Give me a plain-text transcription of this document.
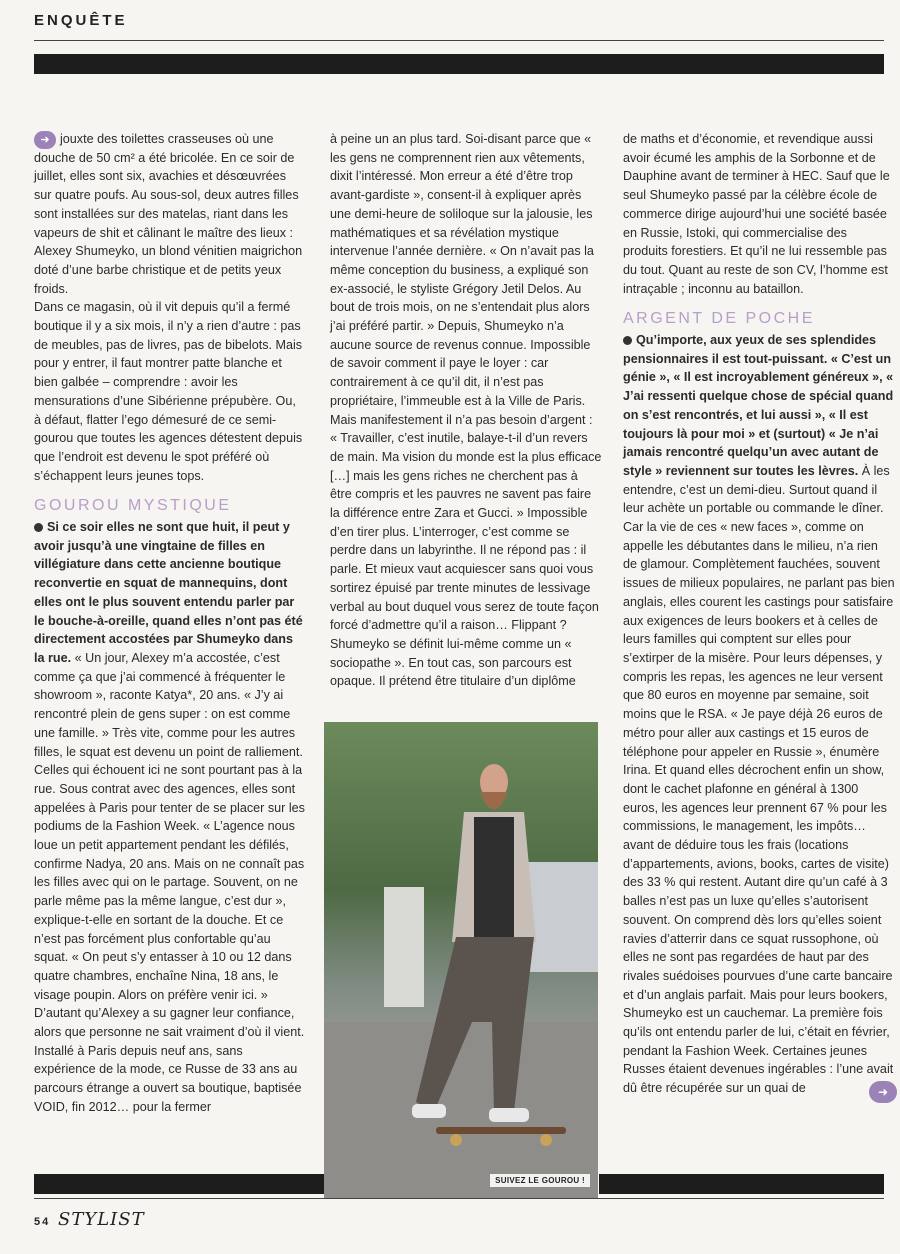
ENQUÊTE

➜ jouxte des toilettes crasseuses où une douche de 50 cm² a été bricolée. En ce soir de juillet, elles sont six, avachies et désœuvrées sur quatre poufs. Au sous-sol, deux autres filles sont installées sur des matelas, riant dans les vapeurs de shit et câlinant le maître des lieux : Alexey Shumeyko, un blond vénitien maigrichon doté d’une barbe christique et de petits yeux froids.

Dans ce magasin, où il vit depuis qu’il a fermé boutique il y a six mois, il n’y a rien d’autre : pas de meubles, pas de livres, pas de bibelots. Mais pour y entrer, il faut montrer patte blanche et bien galbée – comprendre : avoir les mensurations d’une Sibérienne prépubère. Ou, à défaut, flatter l’ego démesuré de ce semi-gourou que toutes les agences détestent depuis que l’endroit est devenu le spot préféré où s’échappent leurs jeunes tops.

GOUROU MYSTIQUE

Si ce soir elles ne sont que huit, il peut y avoir jusqu’à une vingtaine de filles en villégiature dans cette ancienne boutique reconvertie en squat de mannequins, dont elles ont le plus souvent entendu parler par le bouche-à-oreille, quand elles n’ont pas été directement accostées par Shumeyko dans la rue. « Un jour, Alexey m’a accostée, c’est comme ça que j’ai commencé à fréquenter le showroom », raconte Katya*, 20 ans. « J’y ai rencontré plein de gens super : on est comme une famille. » Très vite, comme pour les autres filles, le squat est devenu un point de ralliement. Celles qui échouent ici ne sont pourtant pas à la rue. Sous contrat avec des agences, elles sont appelées à Paris pour tenter de se placer sur les podiums de la Fashion Week. « L’agence nous loue un petit appartement pendant les défilés, confirme Nadya, 20 ans. Mais on ne connaît pas les filles avec qui on le partage. Souvent, on ne parle même pas la même langue, c’est dur », explique-t-elle en sortant de la douche. Et ce n’est pas forcément plus confortable qu’au squat. « On peut s’y entasser à 10 ou 12 dans quatre chambres, enchaîne Nina, 18 ans, le visage poupin. Alors on préfère venir ici. » D’autant qu’Alexey a su gagner leur confiance, alors que personne ne sait vraiment d’où il vient. Installé à Paris depuis neuf ans, sans expérience de la mode, ce Russe de 33 ans au parcours étrange a ouvert sa boutique, baptisée VOID, fin 2012… pour la fermer

à peine un an plus tard. Soi-disant parce que « les gens ne comprennent rien aux vêtements, dixit l’intéressé. Mon erreur a été d’être trop avant-gardiste », consent-il à expliquer après une demi-heure de soliloque sur la jalousie, les mathématiques et sa révélation mystique intervenue l’année dernière. « On n’avait pas la même conception du business, a expliqué son ex-associé, le styliste Grégory Jetil Delos. Au bout de trois mois, on ne s’entendait plus alors j’ai préféré partir. » Depuis, Shumeyko n’a aucune source de revenus connue. Impossible de savoir comment il paye le loyer : car contrairement à ce qu’il dit, il n’est pas propriétaire, l’immeuble est à la Ville de Paris. Mais manifestement il n’a pas besoin d’argent : « Travailler, c’est inutile, balaye-t-il d’un revers de main. Ma vision du monde est la plus efficace […] mais les gens riches ne cherchent pas à être compris et les pauvres ne savent pas faire la différence entre Zara et Gucci. » Impossible d’en tirer plus. L’interroger, c’est comme se perdre dans un labyrinthe. Il ne répond pas : il parle. Et mieux vaut acquiescer sans quoi vous sortirez épuisé par trente minutes de lessivage verbal au bout duquel vous serez de toute façon forcé d’admettre qu’il a raison… Flippant ? Shumeyko se définit lui-même comme un « sociopathe ». En tout cas, son parcours est opaque. Il prétend être titulaire d’un diplôme

de maths et d’économie, et revendique aussi avoir écumé les amphis de la Sorbonne et de Dauphine avant de terminer à HEC. Sauf que le seul Shumeyko passé par la célèbre école de commerce dirige aujourd’hui une société basée en Russie, Istoki, qui commercialise des produits forestiers. Et qu’il ne lui ressemble pas du tout. Quant au reste de son CV, l’homme est intraçable ; inconnu au bataillon.

ARGENT DE POCHE

Qu’importe, aux yeux de ses splendides pensionnaires il est tout-puissant. « C’est un génie », « Il est incroyablement généreux », « J’ai ressenti quelque chose de spécial quand on s’est rencontrés, et lui aussi », « Il est toujours là pour moi » et (surtout) « Je n’ai jamais rencontré quelqu’un avec autant de style » reviennent sur toutes les lèvres. À les entendre, c’est un demi-dieu. Surtout quand il leur achète un portable ou commande le dîner. Car la vie de ces « new faces », comme on appelle les débutantes dans le milieu, n’a rien de glamour. Complètement fauchées, souvent issues de milieux populaires, ne parlant pas bien anglais, elles courent les castings pour satisfaire aux exigences de leurs bookers et à celles de leurs familles qui comptent sur elles pour s’extirper de la misère. Pour leurs dépenses, y compris les repas, les agences ne leur versent que 80 euros en moyenne par semaine, soit moins que le RSA. « Je paye déjà 26 euros de métro pour aller aux castings et 15 euros de téléphone pour appeler en Russie », énumère Irina. Et quand elles décrochent enfin un show, dont le cachet plafonne en général à 1300 euros, les agences leur prennent 67 % pour les commissions, le management, les impôts… avant de déduire tous les frais (locations d’appartements, avions, books, cartes de visite) des 33 % qui restent. Autant dire qu’un café à 3 balles n’est pas un luxe qu’elles s’autorisent souvent. On comprend dès lors qu’elles soient ravies d’atterrir dans ce squat russophone, où elles ne sont pas regardées de haut par des rivales suédoises pourvues d’une carte bancaire et d’un anglais parfait. Mais pour leurs bookers, Shumeyko est un cauchemar. La première fois qu’ils ont entendu parler de lui, c’était en février, pendant la Fashion Week. Certaines jeunes Russes étaient devenues ingérables : l’une avait dû être récupérée sur un quai de	➜
SUIVEZ LE GOUROU !
54 STYLIST
